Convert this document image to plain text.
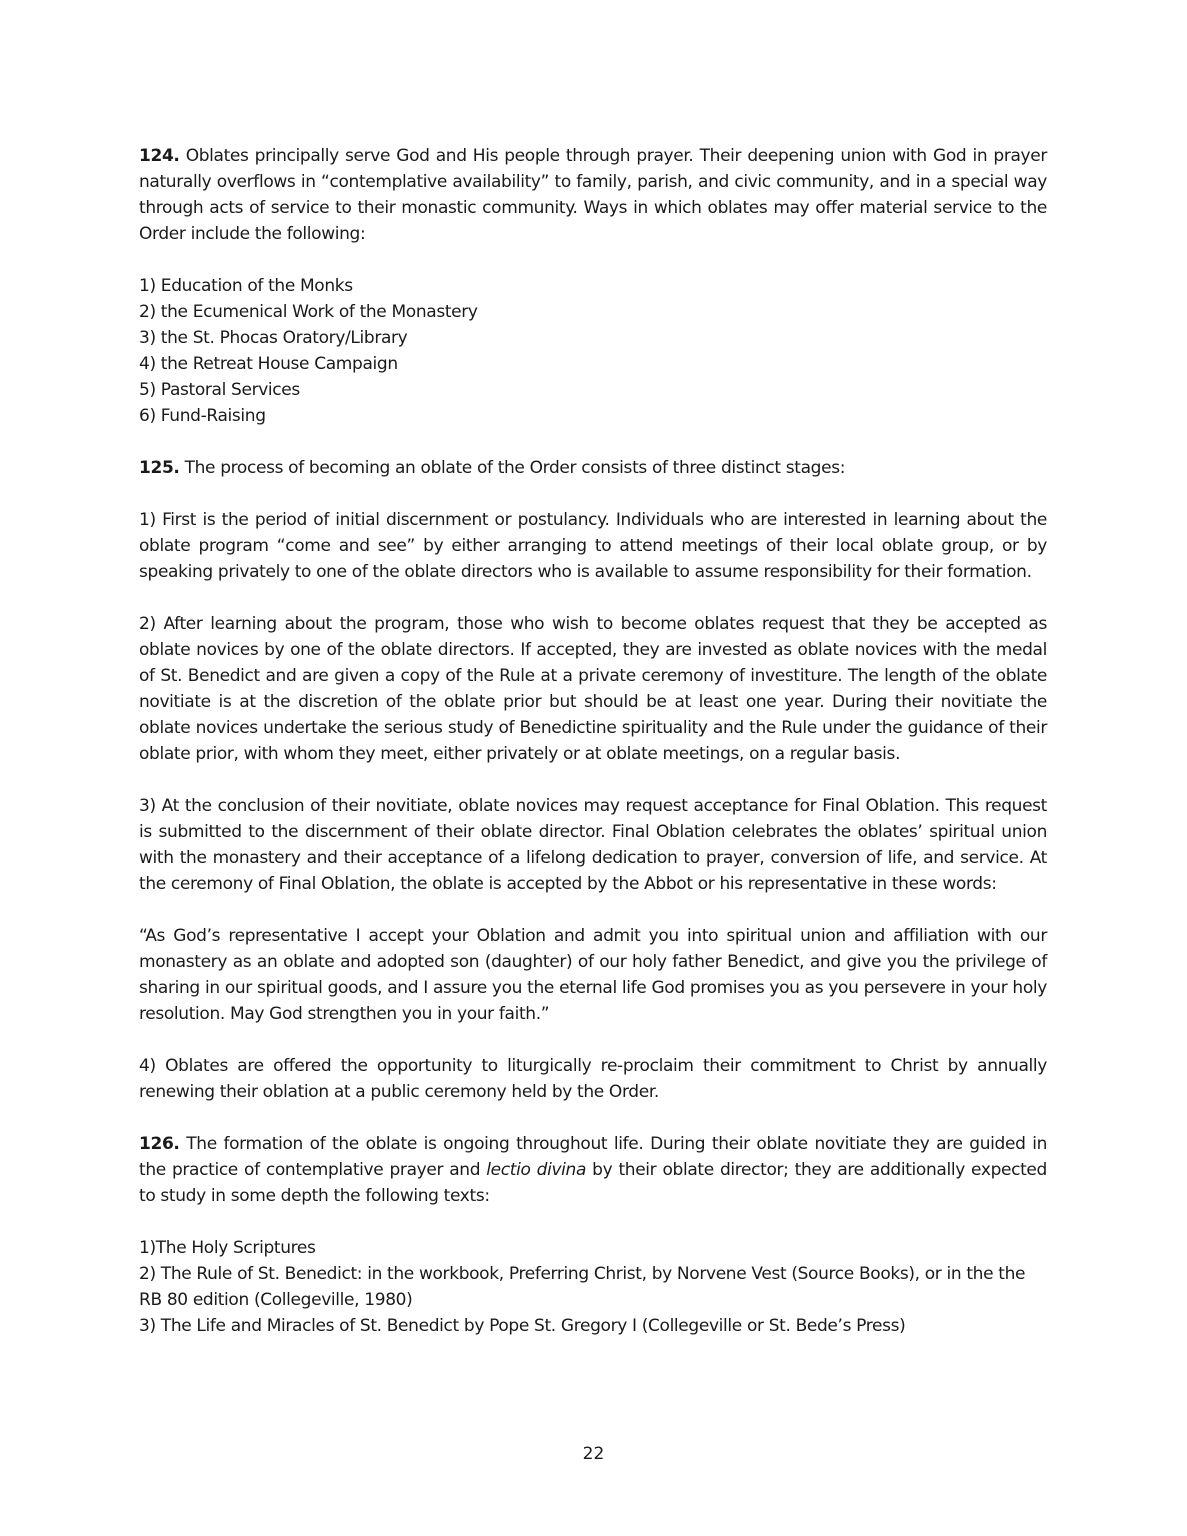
124. Oblates principally serve God and His people through prayer. Their deepening union with God in prayer naturally overflows in “contemplative availability” to family, parish, and civic community, and in a special way through acts of service to their monastic community. Ways in which oblates may offer material service to the Order include the following:

1) Education of the Monks
2) the Ecumenical Work of the Monastery
3) the St. Phocas Oratory/Library
4) the Retreat House Campaign
5) Pastoral Services
6) Fund-Raising

125. The process of becoming an oblate of the Order consists of three distinct stages:

1) First is the period of initial discernment or postulancy. Individuals who are interested in learning about the oblate program “come and see” by either arranging to attend meetings of their local oblate group, or by speaking privately to one of the oblate directors who is available to assume responsibility for their formation.

2) After learning about the program, those who wish to become oblates request that they be accepted as oblate novices by one of the oblate directors. If accepted, they are invested as oblate novices with the medal of St. Benedict and are given a copy of the Rule at a private ceremony of investiture. The length of the oblate novitiate is at the discretion of the oblate prior but should be at least one year. During their novitiate the oblate novices undertake the serious study of Benedictine spirituality and the Rule under the guidance of their oblate prior, with whom they meet, either privately or at oblate meetings, on a regular basis.

3) At the conclusion of their novitiate, oblate novices may request acceptance for Final Oblation. This request is submitted to the discernment of their oblate director. Final Oblation celebrates the oblates’ spiritual union with the monastery and their acceptance of a lifelong dedication to prayer, conversion of life, and service. At the ceremony of Final Oblation, the oblate is accepted by the Abbot or his representative in these words:

“As God’s representative I accept your Oblation and admit you into spiritual union and affiliation with our monastery as an oblate and adopted son (daughter) of our holy father Benedict, and give you the privilege of sharing in our spiritual goods, and I assure you the eternal life God promises you as you persevere in your holy resolution. May God strengthen you in your faith.”

4) Oblates are offered the opportunity to liturgically re-proclaim their commitment to Christ by annually renewing their oblation at a public ceremony held by the Order.

126. The formation of the oblate is ongoing throughout life. During their oblate novitiate they are guided in the practice of contemplative prayer and lectio divina by their oblate director; they are additionally expected to study in some depth the following texts:

1)The Holy Scriptures
2) The Rule of St. Benedict: in the workbook, Preferring Christ, by Norvene Vest (Source Books), or in the the RB 80 edition (Collegeville, 1980)
3) The Life and Miracles of St. Benedict by Pope St. Gregory I (Collegeville or St. Bede’s Press)
22
